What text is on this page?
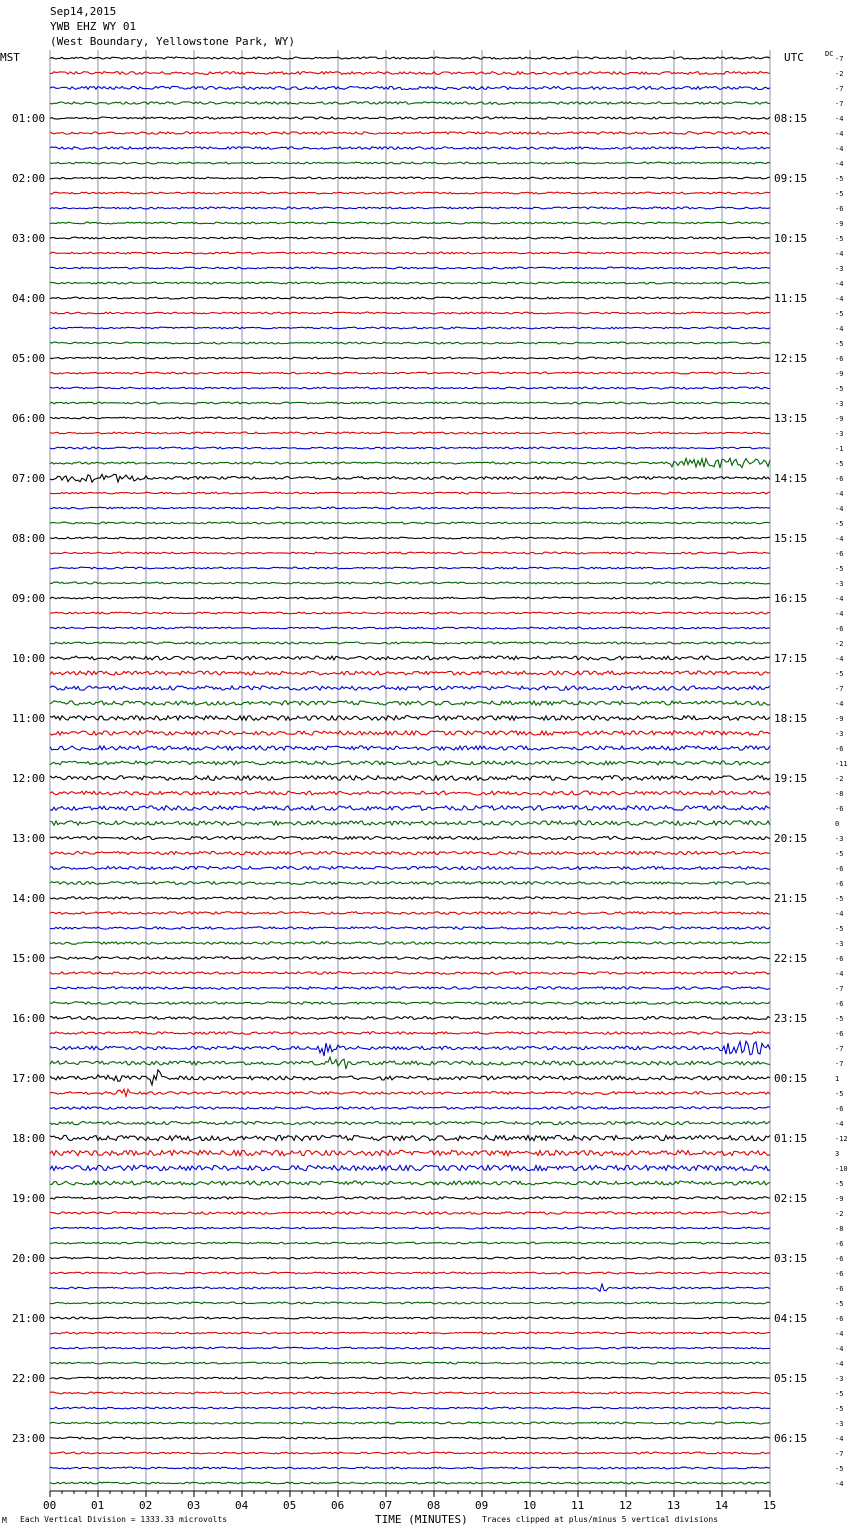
Sep14,2015
YWB EHZ WY 01
(West Boundary, Yellowstone Park, WY)
00	01	02	03	04	05	06	07	08	09	10	11	12	13	14	15
-7
-2
-7
-7
-4
01:00	08:15
-4
-4
-4
-5
02:00	09:15
-5
-6
-9
-5
03:00	10:15
-4
-3
-4
-4
04:00	11:15
-5
-4
-5
-6
05:00	12:15
-9
-5
-3
-9
06:00	13:15
-3
-1
-5
-6
07:00	14:15
-4
-4
-5
-4
08:00	15:15
-6
-5
-3
-4
09:00	16:15
-4
-6
-2
-4
10:00	17:15
-5
-7
-4
-9
11:00	18:15
-3
-6
-11
-2
12:00	19:15
-8
-6
0
-3
13:00	20:15
-5
-6
-6
-5
14:00	21:15
-4
-5
-3
-6
15:00	22:15
-4
-7
-6
-5
16:00	23:15
-6
-7
-7
1
17:00	00:15
-5
-6
-4
-12
18:00	01:15
3
-10
-5
-9
19:00	02:15
-2
-8
-6
-6
20:00	03:15
-6
-6
-5
-6
21:00	04:15
-4
-4
-4
-3
22:00	05:15
-5
-5
-3
-4
23:00	06:15
-7
-5
-4
MST	UTC	DC
TIME (MINUTES)
M Each Vertical Division = 1333.33 microvolts	Traces clipped at plus/minus 5 vertical divisions
